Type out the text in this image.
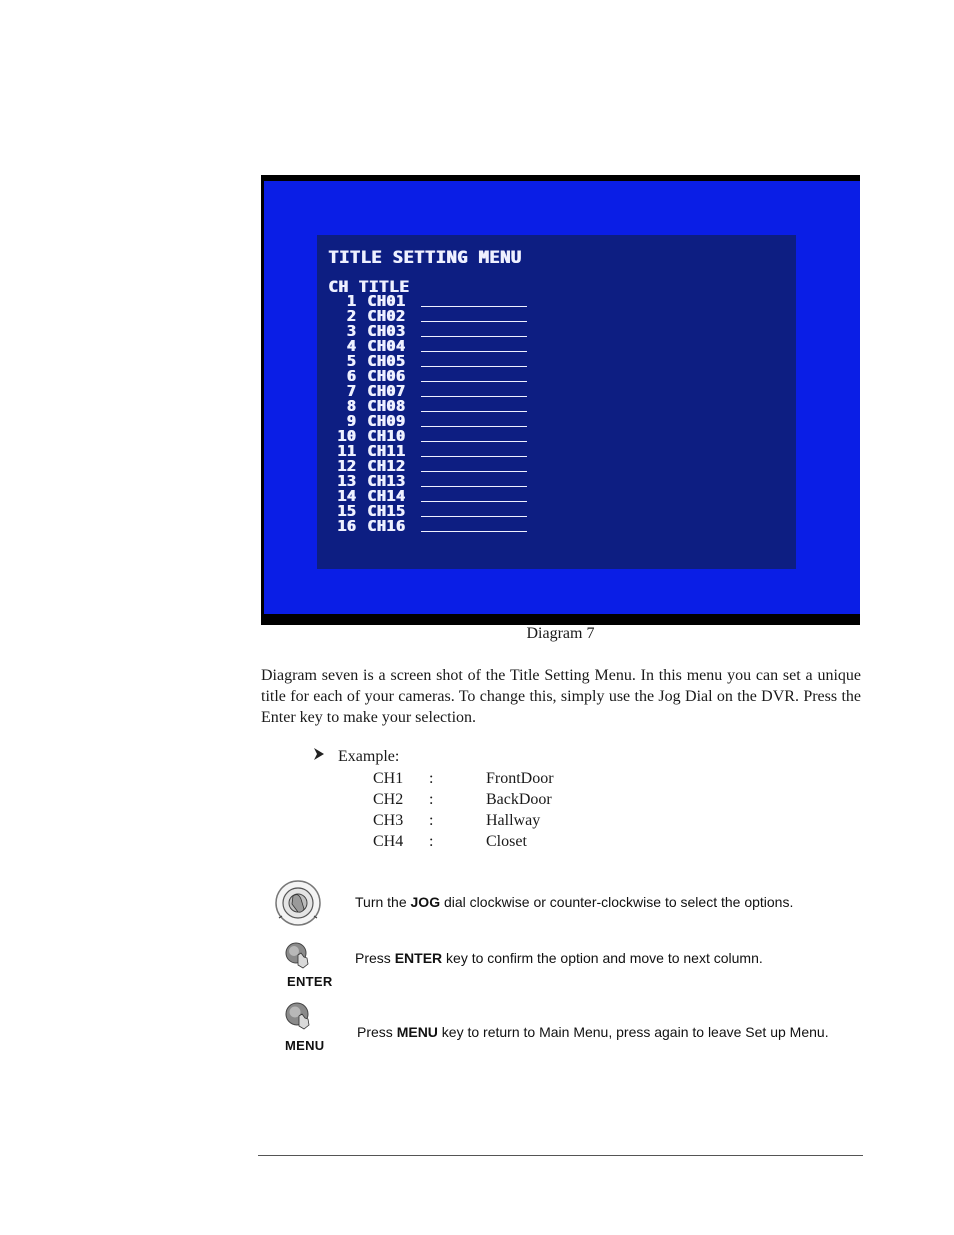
TITLE SETTING MENU
CH TITLE
1 CH01
2 CH02
3 CH03
4 CH04
5 CH05
6 CH06
7 CH07
8 CH08
9 CH09
10 CH10
11 CH11
12 CH12
13 CH13
14 CH14
15 CH15
16 CH16
Diagram 7
Diagram seven is a screen shot of the Title Setting Menu. In this menu you can set a unique title for each of your cameras. To change this, simply use the Jog Dial on the DVR. Press the Enter key to make your selection.
Example:
CH1 :	FrontDoor
CH2 :	BackDoor
CH3 :	Hallway
CH4 :	Closet
Turn the JOG dial clockwise or counter-clockwise to select the options.
ENTER
Press ENTER key to confirm the option and move to next column.
MENU
Press MENU key to return to Main Menu, press again to leave Set up Menu.
